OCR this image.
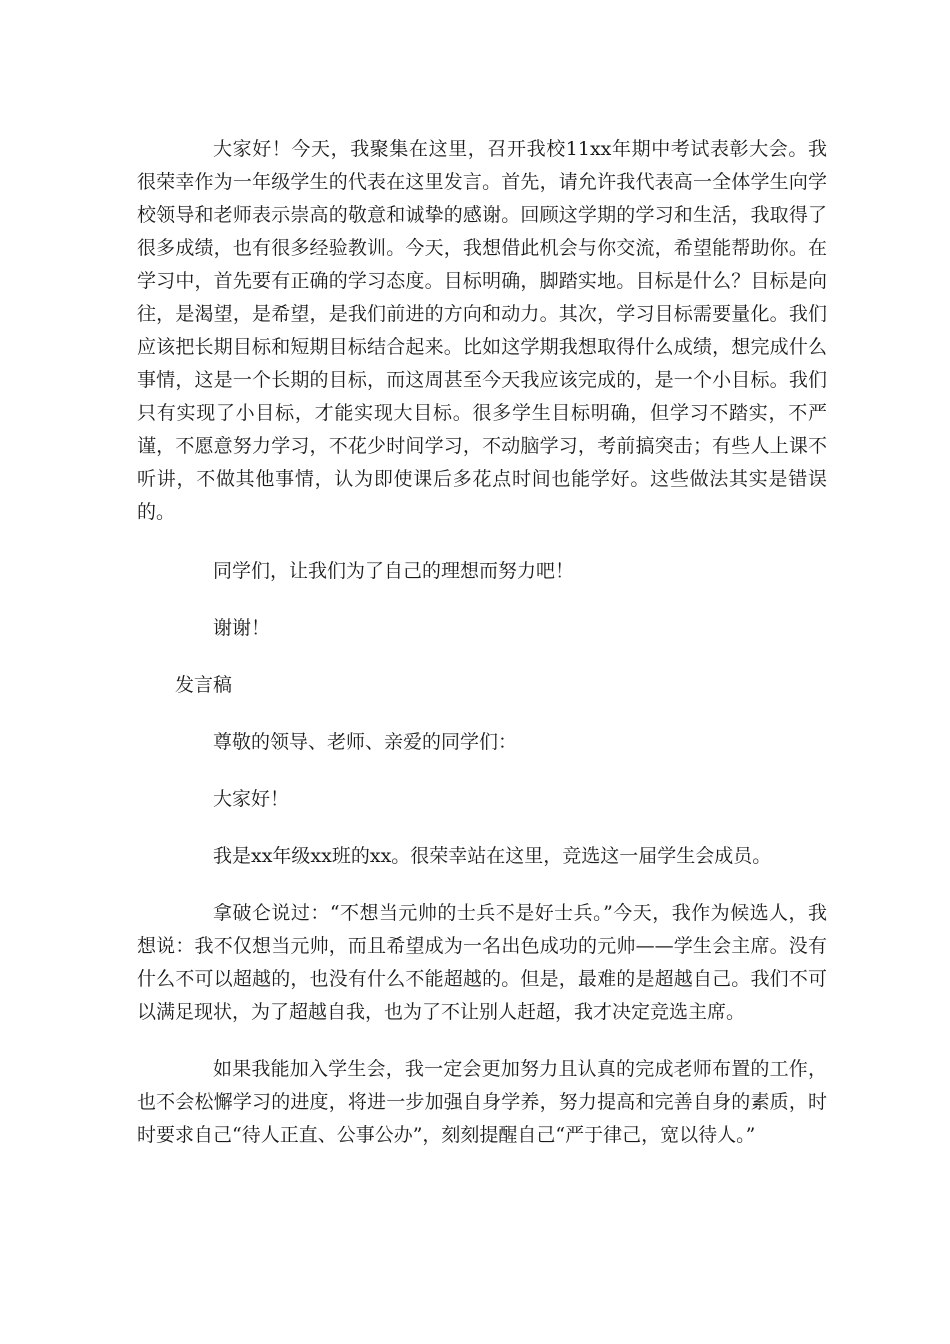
大家好！今天，我聚集在这里，召开我校11xx年期中考试表彰大会。我很荣幸作为一年级学生的代表在这里发言。首先，请允许我代表高一全体学生向学校领导和老师表示崇高的敬意和诚挚的感谢。回顾这学期的学习和生活，我取得了很多成绩，也有很多经验教训。今天，我想借此机会与你交流，希望能帮助你。在学习中，首先要有正确的学习态度。目标明确，脚踏实地。目标是什么？目标是向往，是渴望，是希望，是我们前进的方向和动力。其次，学习目标需要量化。我们应该把长期目标和短期目标结合起来。比如这学期我想取得什么成绩，想完成什么事情，这是一个长期的目标，而这周甚至今天我应该完成的，是一个小目标。我们只有实现了小目标，才能实现大目标。很多学生目标明确，但学习不踏实，不严谨，不愿意努力学习，不花少时间学习，不动脑学习，考前搞突击；有些人上课不听讲，不做其他事情，认为即使课后多花点时间也能学好。这些做法其实是错误的。

同学们，让我们为了自己的理想而努力吧！

谢谢！

发言稿

尊敬的领导、老师、亲爱的同学们：

大家好！

我是xx年级xx班的xx。很荣幸站在这里，竞选这一届学生会成员。

拿破仑说过：“不想当元帅的士兵不是好士兵。”今天，我作为候选人，我想说：我不仅想当元帅，而且希望成为一名出色成功的元帅——学生会主席。没有什么不可以超越的，也没有什么不能超越的。但是，最难的是超越自己。我们不可以满足现状，为了超越自我，也为了不让别人赶超，我才决定竞选主席。

如果我能加入学生会，我一定会更加努力且认真的完成老师布置的工作，也不会松懈学习的进度，将进一步加强自身学养，努力提高和完善自身的素质，时时要求自己“待人正直、公事公办”，刻刻提醒自己“严于律己，宽以待人。”
